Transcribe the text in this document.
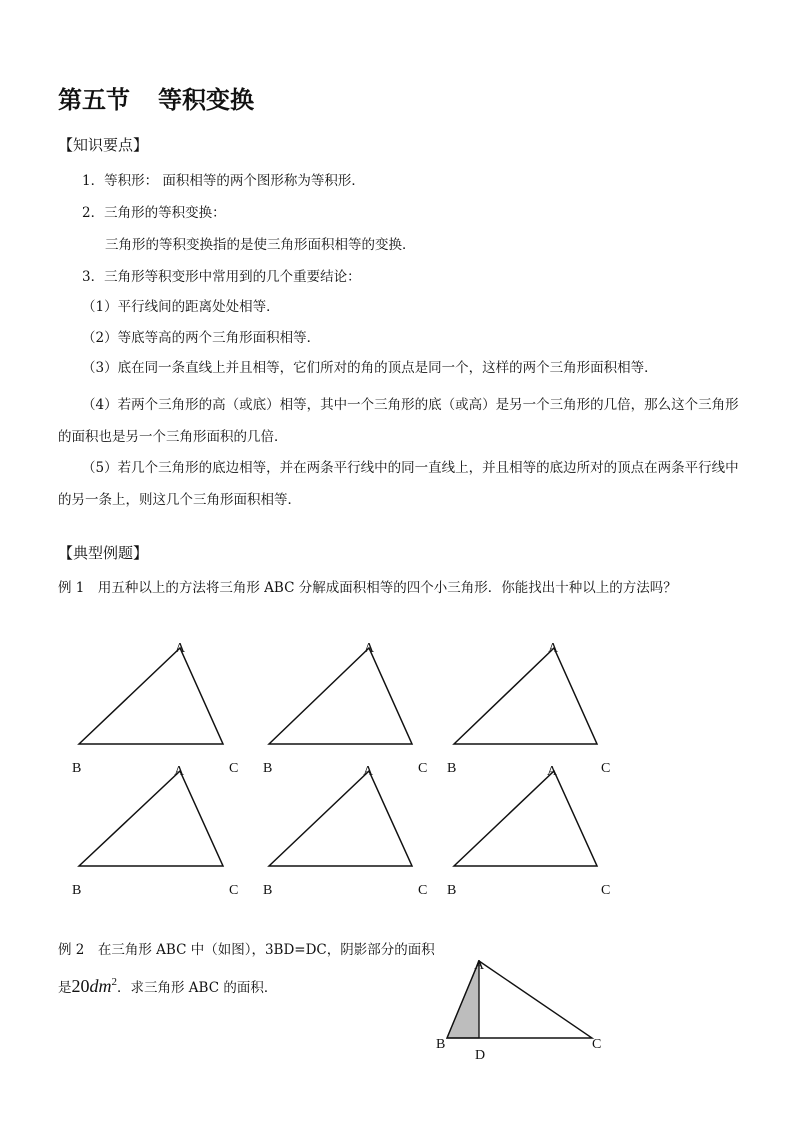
第五节 等积变换
【知识要点】
1．等积形： 面积相等的两个图形称为等积形．
2．三角形的等积变换：
三角形的等积变换指的是使三角形面积相等的变换．
3．三角形等积变形中常用到的几个重要结论：
（1）平行线间的距离处处相等．
（2）等底等高的两个三角形面积相等．
（3）底在同一条直线上并且相等，它们所对的角的顶点是同一个，这样的两个三角形面积相等．
（4）若两个三角形的高（或底）相等，其中一个三角形的底（或高）是另一个三角形的几倍，那么这个三角形的面积也是另一个三角形面积的几倍．
（5）若几个三角形的底边相等，并在两条平行线中的同一直线上，并且相等的底边所对的顶点在两条平行线中的另一条上，则这几个三角形面积相等．
【典型例题】
例 1　用五种以上的方法将三角形 ABC 分解成面积相等的四个小三角形．你能找出十种以上的方法吗？
A
B	C
A
B	C
A
B	C
A
B	C
A
B	C
A
B	C
例 2　在三角形 ABC 中（如图），3BD=DC，阴影部分的面积
是$20dm^2$．求三角形 ABC 的面积．
A
B
D
C
